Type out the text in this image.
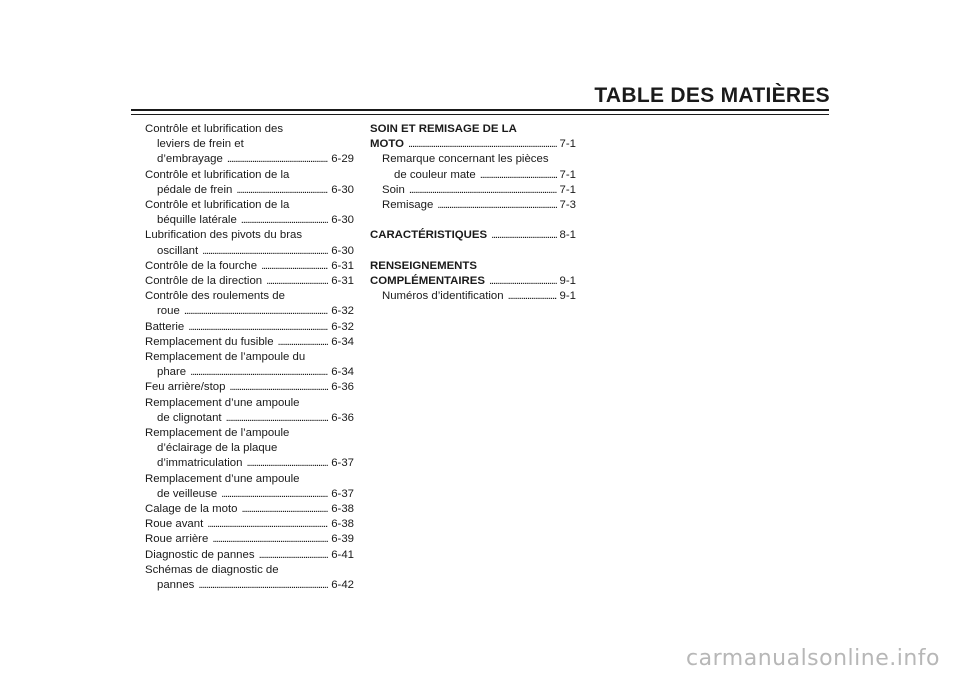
TABLE DES MATIÈRES
Contrôle et lubrification des
leviers de frein et
d’embrayage . . .	6-29
Contrôle et lubrification de la
pédale de frein . . .	6-30
Contrôle et lubrification de la
béquille latérale . . .	6-30
Lubrification des pivots du bras
oscillant . . .	6-30
Contrôle de la fourche . . .	6-31
Contrôle de la direction . . .	6-31
Contrôle des roulements de
roue . . .	6-32
Batterie . . .	6-32
Remplacement du fusible . . .	6-34
Remplacement de l’ampoule du
phare . . .	6-34
Feu arrière/stop . . .	6-36
Remplacement d’une ampoule
de clignotant . . .	6-36
Remplacement de l’ampoule
d’éclairage de la plaque
d’immatriculation . . .	6-37
Remplacement d’une ampoule
de veilleuse . . .	6-37
Calage de la moto . . .	6-38
Roue avant . . .	6-38
Roue arrière . . .	6-39
Diagnostic de pannes . . .	6-41
Schémas de diagnostic de
pannes . . .	6-42
SOIN ET REMISAGE DE LA
MOTO . . .	7-1
Remarque concernant les pièces
de couleur mate . . .	7-1
Soin . . .	7-1
Remisage . . .	7-3
CARACTÉRISTIQUES . . .	8-1
RENSEIGNEMENTS
COMPLÉMENTAIRES . . .	9-1
Numéros d’identification . . .	9-1
carmanualsonline.info
